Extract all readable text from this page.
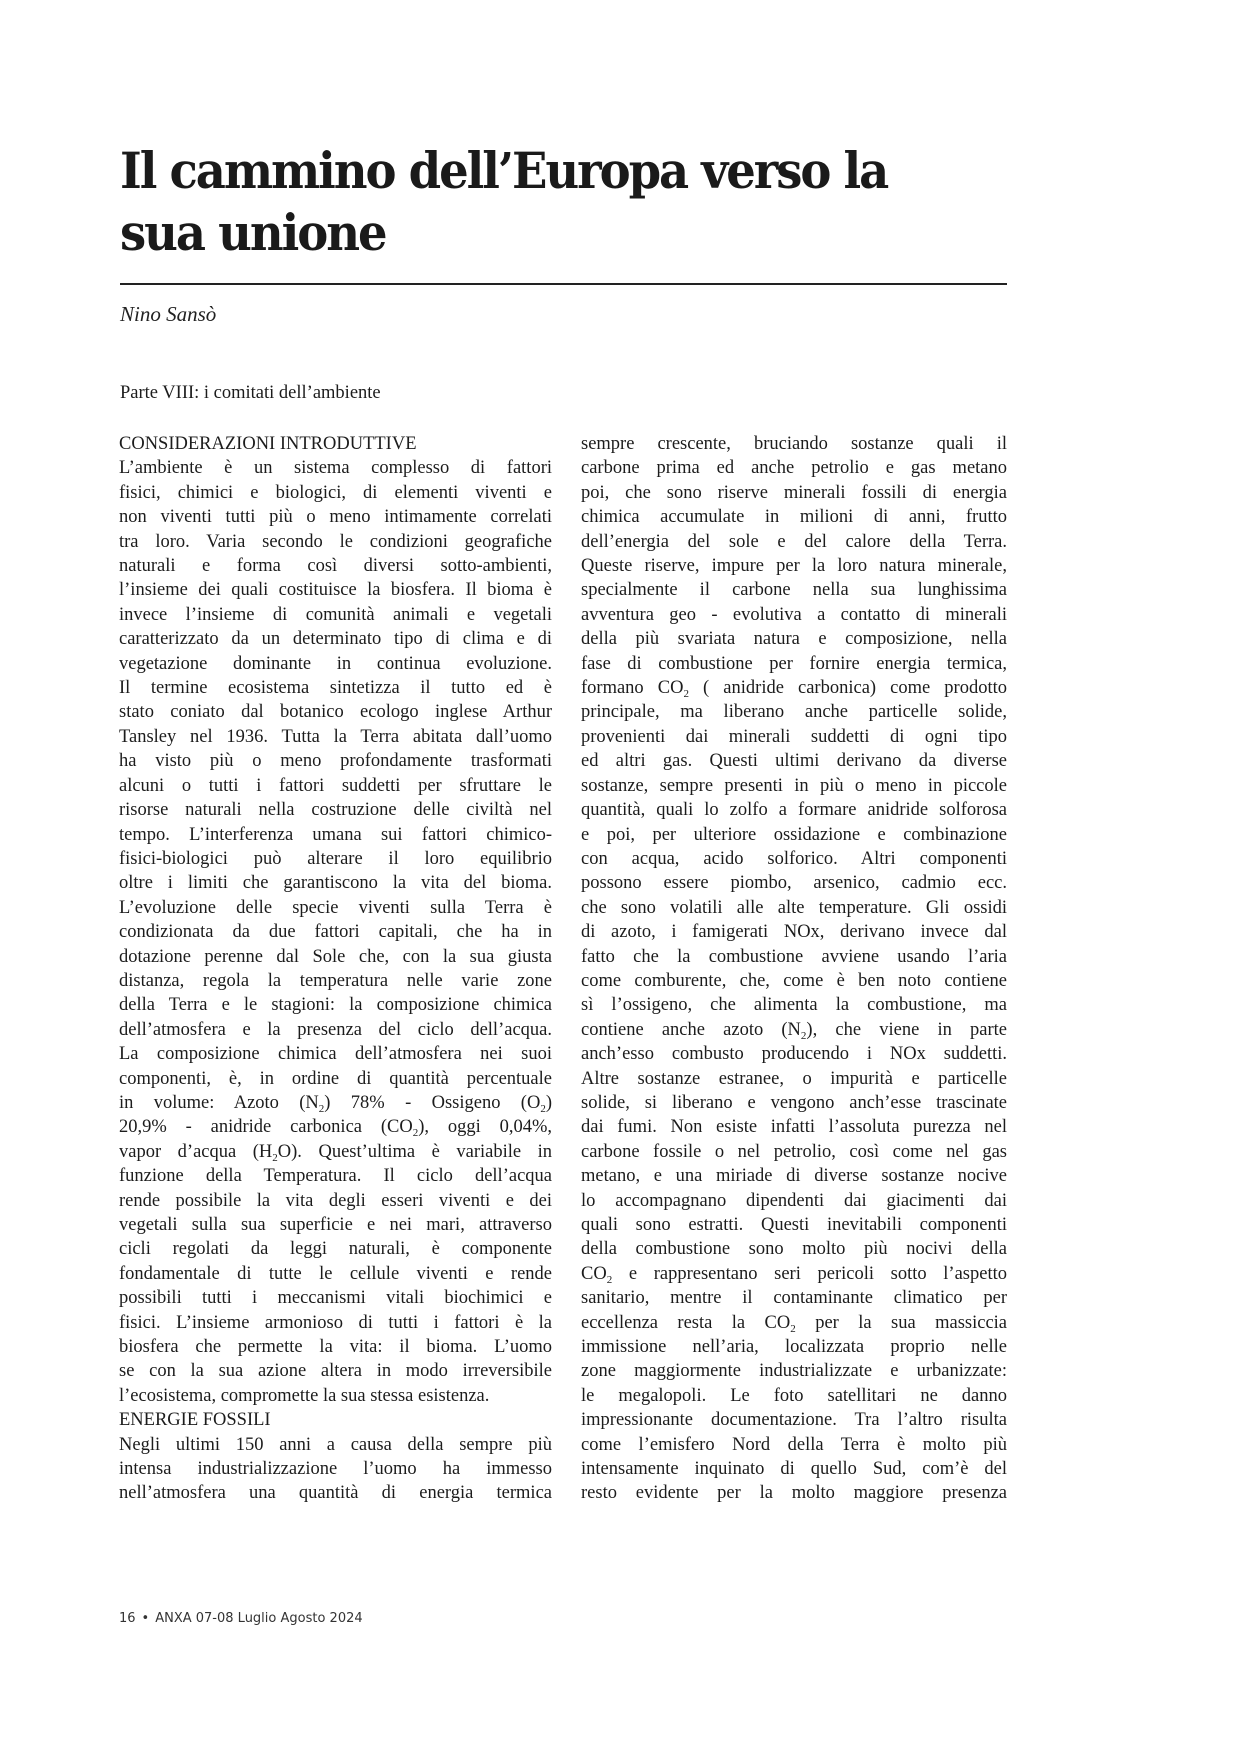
Il cammino dell’Europa verso la sua unione
Nino Sansò
Parte VIII: i comitati dell’ambiente
CONSIDERAZIONI INTRODUTTIVE
L’ambiente è un sistema complesso di fattori
fisici, chimici e biologici, di elementi viventi e
non viventi tutti più o meno intimamente correlati
tra loro. Varia secondo le condizioni geografiche
naturali e forma così diversi sotto-ambienti,
l’insieme dei quali costituisce la biosfera. Il bioma è
invece l’insieme di comunità animali e vegetali
caratterizzato da un determinato tipo di clima e di
vegetazione dominante in continua evoluzione.
Il termine ecosistema sintetizza il tutto ed è
stato coniato dal botanico ecologo inglese Arthur
Tansley nel 1936. Tutta la Terra abitata dall’uomo
ha visto più o meno profondamente trasformati
alcuni o tutti i fattori suddetti per sfruttare le
risorse naturali nella costruzione delle civiltà nel
tempo. L’interferenza umana sui fattori chimico-
fisici-biologici può alterare il loro equilibrio
oltre i limiti che garantiscono la vita del bioma.
L’evoluzione delle specie viventi sulla Terra è
condizionata da due fattori capitali, che ha in
dotazione perenne dal Sole che, con la sua giusta
distanza, regola la temperatura nelle varie zone
della Terra e le stagioni: la composizione chimica
dell’atmosfera e la presenza del ciclo dell’acqua.
La composizione chimica dell’atmosfera nei suoi
componenti, è, in ordine di quantità percentuale
in volume: Azoto $(N_2)$ 78% - Ossigeno $(O_2)$
20,9% - anidride carbonica $(CO_2)$, oggi 0,04%,
vapor d’acqua $(H_2O)$. Quest’ultima è variabile in
funzione della Temperatura. Il ciclo dell’acqua
rende possibile la vita degli esseri viventi e dei
vegetali sulla sua superficie e nei mari, attraverso
cicli regolati da leggi naturali, è componente
fondamentale di tutte le cellule viventi e rende
possibili tutti i meccanismi vitali biochimici e
fisici. L’insieme armonioso di tutti i fattori è la
biosfera che permette la vita: il bioma. L’uomo
se con la sua azione altera in modo irreversibile
l’ecosistema, compromette la sua stessa esistenza.
ENERGIE FOSSILI
Negli ultimi 150 anni a causa della sempre più
intensa industrializzazione l’uomo ha immesso
nell’atmosfera una quantità di energia termica
sempre crescente, bruciando sostanze quali il
carbone prima ed anche petrolio e gas metano
poi, che sono riserve minerali fossili di energia
chimica accumulate in milioni di anni, frutto
dell’energia del sole e del calore della Terra.
Queste riserve, impure per la loro natura minerale,
specialmente il carbone nella sua lunghissima
avventura geo - evolutiva a contatto di minerali
della più svariata natura e composizione, nella
fase di combustione per fornire energia termica,
formano $CO_2$ ( anidride carbonica) come prodotto
principale, ma liberano anche particelle solide,
provenienti dai minerali suddetti di ogni tipo
ed altri gas. Questi ultimi derivano da diverse
sostanze, sempre presenti in più o meno in piccole
quantità, quali lo zolfo a formare anidride solforosa
e poi, per ulteriore ossidazione e combinazione
con acqua, acido solforico. Altri componenti
possono essere piombo, arsenico, cadmio ecc.
che sono volatili alle alte temperature. Gli ossidi
di azoto, i famigerati NOx, derivano invece dal
fatto che la combustione avviene usando l’aria
come comburente, che, come è ben noto contiene
sì l’ossigeno, che alimenta la combustione, ma
contiene anche azoto $(N_2)$, che viene in parte
anch’esso combusto producendo i NOx suddetti.
Altre sostanze estranee, o impurità e particelle
solide, si liberano e vengono anch’esse trascinate
dai fumi. Non esiste infatti l’assoluta purezza nel
carbone fossile o nel petrolio, così come nel gas
metano, e una miriade di diverse sostanze nocive
lo accompagnano dipendenti dai giacimenti dai
quali sono estratti. Questi inevitabili componenti
della combustione sono molto più nocivi della
$CO_2$ e rappresentano seri pericoli sotto l’aspetto
sanitario, mentre il contaminante climatico per
eccellenza resta la $CO_2$ per la sua massiccia
immissione nell’aria, localizzata proprio nelle
zone maggiormente industrializzate e urbanizzate:
le megalopoli. Le foto satellitari ne danno
impressionante documentazione. Tra l’altro risulta
come l’emisfero Nord della Terra è molto più
intensamente inquinato di quello Sud, com’è del
resto evidente per la molto maggiore presenza
16 • ANXA 07-08 Luglio Agosto 2024
